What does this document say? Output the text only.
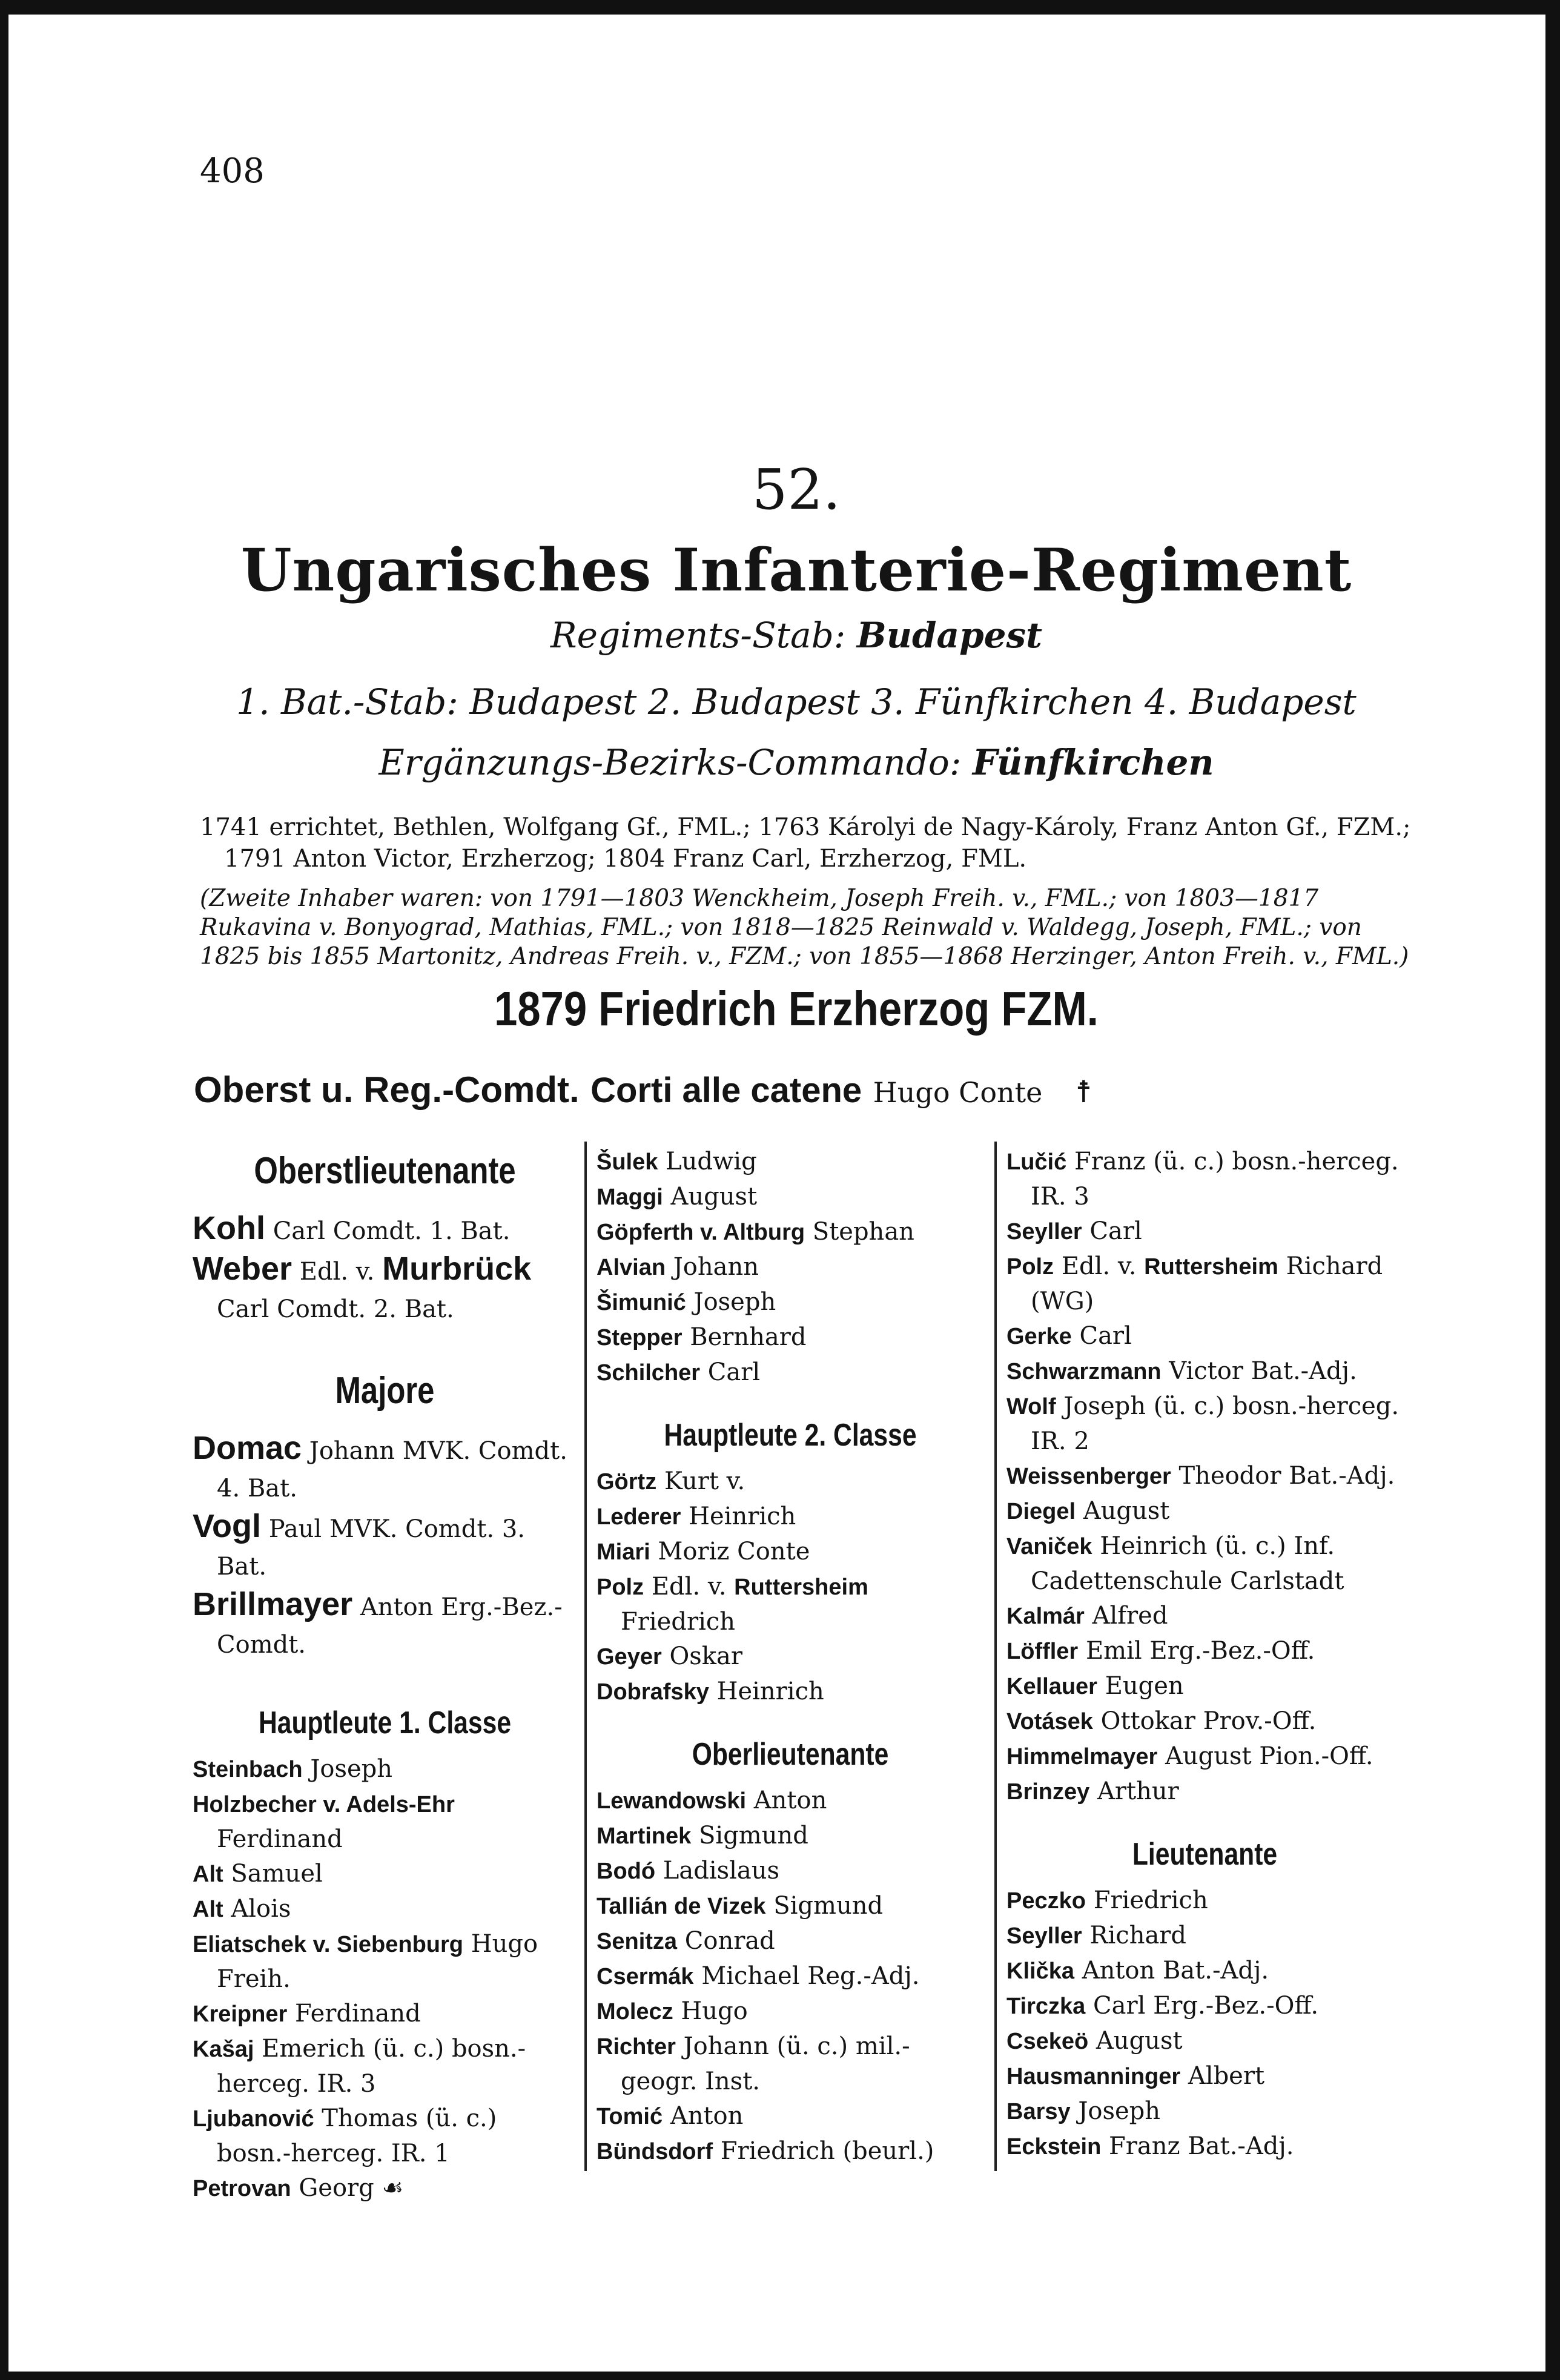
408
52.
Ungarisches Infanterie-Regiment
Regiments-Stab: Budapest
1. Bat.-Stab: Budapest 2. Budapest 3. Fünfkirchen 4. Budapest
Ergänzungs-Bezirks-Commando: Fünfkirchen
1741 errichtet, Bethlen, Wolfgang Gf., FML.; 1763 Károlyi de Nagy-Károly, Franz Anton Gf., FZM.;
1791 Anton Victor, Erzherzog; 1804 Franz Carl, Erzherzog, FML.
(Zweite Inhaber waren: von 1791—1803 Wenckheim, Joseph Freih. v., FML.; von 1803—1817 Rukavina v. Bonyograd, Mathias, FML.; von 1818—1825 Reinwald v. Waldegg, Joseph, FML.; von 1825 bis 1855 Martonitz, Andreas Freih. v., FZM.; von 1855—1868 Herzinger, Anton Freih. v., FML.)
1879 Friedrich Erzherzog FZM.
Oberst u. Reg.-Comdt. Corti alle catene Hugo Conte ☨
Oberstlieutenante
Kohl Carl Comdt. 1. Bat.
Weber Edl. v. Murbrück Carl Comdt. 2. Bat.
Majore
Domac Johann MVK. Comdt. 4. Bat.
Vogl Paul MVK. Comdt. 3. Bat.
Brillmayer Anton Erg.-Bez.-Comdt.
Hauptleute 1. Classe
Steinbach Joseph
Holzbecher v. Adels-Ehr Ferdinand
Alt Samuel
Alt Alois
Eliatschek v. Siebenburg Hugo Freih.
Kreipner Ferdinand
Kašaj Emerich (ü. c.) bosn.-herceg. IR. 3
Ljubanović Thomas (ü. c.) bosn.-herceg. IR. 1
Petrovan Georg ☙
Šulek Ludwig
Maggi August
Göpferth v. Altburg Stephan
Alvian Johann
Šimunić Joseph
Stepper Bernhard
Schilcher Carl
Hauptleute 2. Classe
Görtz Kurt v.
Lederer Heinrich
Miari Moriz Conte
Polz Edl. v. Ruttersheim Friedrich
Geyer Oskar
Dobrafsky Heinrich
Oberlieutenante
Lewandowski Anton
Martinek Sigmund
Bodó Ladislaus
Tallián de Vizek Sigmund
Senitza Conrad
Csermák Michael Reg.-Adj.
Molecz Hugo
Richter Johann (ü. c.) mil.-geogr. Inst.
Tomić Anton
Bündsdorf Friedrich (beurl.)
Lučić Franz (ü. c.) bosn.-herceg. IR. 3
Seyller Carl
Polz Edl. v. Ruttersheim Richard (WG)
Gerke Carl
Schwarzmann Victor Bat.-Adj.
Wolf Joseph (ü. c.) bosn.-herceg. IR. 2
Weissenberger Theodor Bat.-Adj.
Diegel August
Vaniček Heinrich (ü. c.) Inf. Cadettenschule Carlstadt
Kalmár Alfred
Löffler Emil Erg.-Bez.-Off.
Kellauer Eugen
Votásek Ottokar Prov.-Off.
Himmelmayer August Pion.-Off.
Brinzey Arthur
Lieutenante
Peczko Friedrich
Seyller Richard
Klička Anton Bat.-Adj.
Tirczka Carl Erg.-Bez.-Off.
Csekeö August
Hausmanninger Albert
Barsy Joseph
Eckstein Franz Bat.-Adj.
